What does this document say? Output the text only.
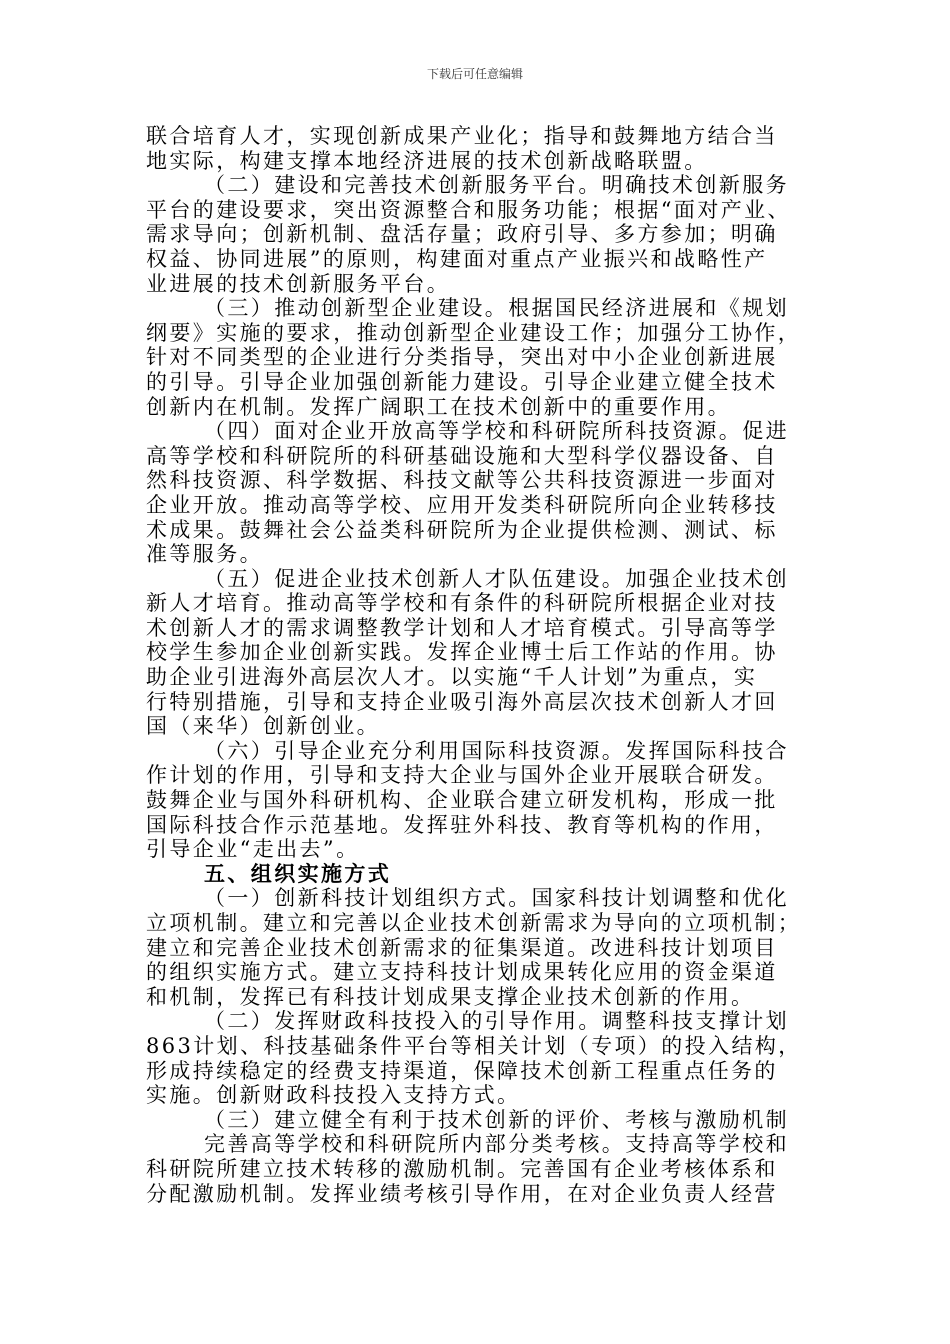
下载后可任意编辑
联合培育人才，实现创新成果产业化；指导和鼓舞地方结合当
地实际，构建支撑本地经济进展的技术创新战略联盟。
（二）建设和完善技术创新服务平台。明确技术创新服务
平台的建设要求，突出资源整合和服务功能；根据“面对产业、
需求导向；创新机制、盘活存量；政府引导、多方参加；明确
权益、协同进展”的原则，构建面对重点产业振兴和战略性产
业进展的技术创新服务平台。
（三）推动创新型企业建设。根据国民经济进展和《规划
纲要》实施的要求，推动创新型企业建设工作；加强分工协作，
针对不同类型的企业进行分类指导，突出对中小企业创新进展
的引导。引导企业加强创新能力建设。引导企业建立健全技术
创新内在机制。发挥广阔职工在技术创新中的重要作用。
（四）面对企业开放高等学校和科研院所科技资源。促进
高等学校和科研院所的科研基础设施和大型科学仪器设备、自
然科技资源、科学数据、科技文献等公共科技资源进一步面对
企业开放。推动高等学校、应用开发类科研院所向企业转移技
术成果。鼓舞社会公益类科研院所为企业提供检测、测试、标
准等服务。
（五）促进企业技术创新人才队伍建设。加强企业技术创
新人才培育。推动高等学校和有条件的科研院所根据企业对技
术创新人才的需求调整教学计划和人才培育模式。引导高等学
校学生参加企业创新实践。发挥企业博士后工作站的作用。协
助企业引进海外高层次人才。以实施“千人计划”为重点，实
行特别措施，引导和支持企业吸引海外高层次技术创新人才回
国（来华）创新创业。
（六）引导企业充分利用国际科技资源。发挥国际科技合
作计划的作用，引导和支持大企业与国外企业开展联合研发。
鼓舞企业与国外科研机构、企业联合建立研发机构，形成一批
国际科技合作示范基地。发挥驻外科技、教育等机构的作用，
引导企业“走出去”。
五、组织实施方式
（一）创新科技计划组织方式。国家科技计划调整和优化
立项机制。建立和完善以企业技术创新需求为导向的立项机制；
建立和完善企业技术创新需求的征集渠道。改进科技计划项目
的组织实施方式。建立支持科技计划成果转化应用的资金渠道
和机制，发挥已有科技计划成果支撑企业技术创新的作用。
（二）发挥财政科技投入的引导作用。调整科技支撑计划
863计划、科技基础条件平台等相关计划（专项）的投入结构，
形成持续稳定的经费支持渠道，保障技术创新工程重点任务的
实施。创新财政科技投入支持方式。
（三）建立健全有利于技术创新的评价、考核与激励机制
完善高等学校和科研院所内部分类考核。支持高等学校和
科研院所建立技术转移的激励机制。完善国有企业考核体系和
分配激励机制。发挥业绩考核引导作用，在对企业负责人经营
